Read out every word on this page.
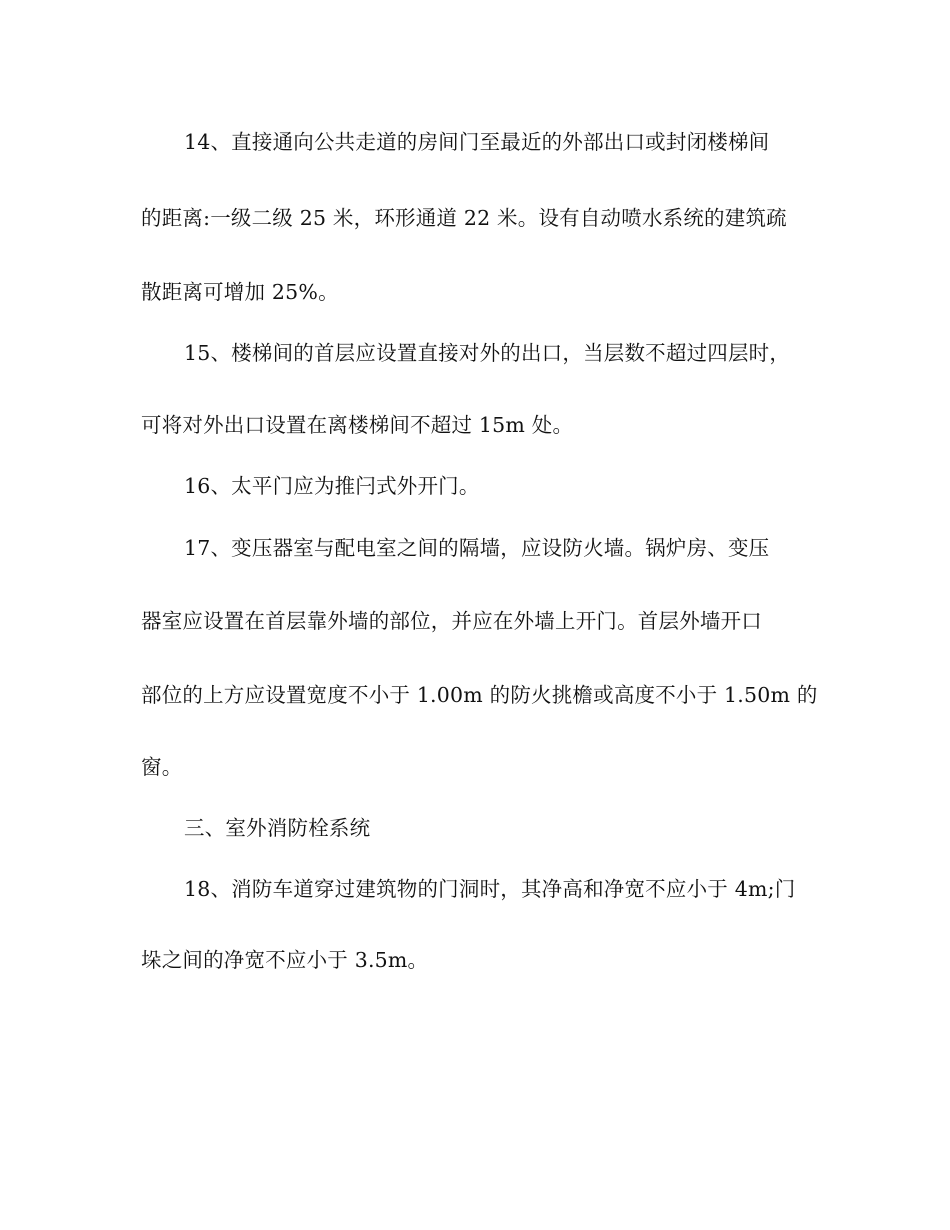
14、直接通向公共走道的房间门至最近的外部出口或封闭楼梯间

的距离:一级二级 25 米，环形通道 22 米。设有自动喷水系统的建筑疏

散距离可增加 25%。

15、楼梯间的首层应设置直接对外的出口，当层数不超过四层时，

可将对外出口设置在离楼梯间不超过 15m 处。

16、太平门应为推闩式外开门。

17、变压器室与配电室之间的隔墙，应设防火墙。锅炉房、变压

器室应设置在首层靠外墙的部位，并应在外墙上开门。首层外墙开口

部位的上方应设置宽度不小于 1.00m 的防火挑檐或高度不小于 1.50m 的

窗。

三、室外消防栓系统

18、消防车道穿过建筑物的门洞时，其净高和净宽不应小于 4m;门

垛之间的净宽不应小于 3.5m。
